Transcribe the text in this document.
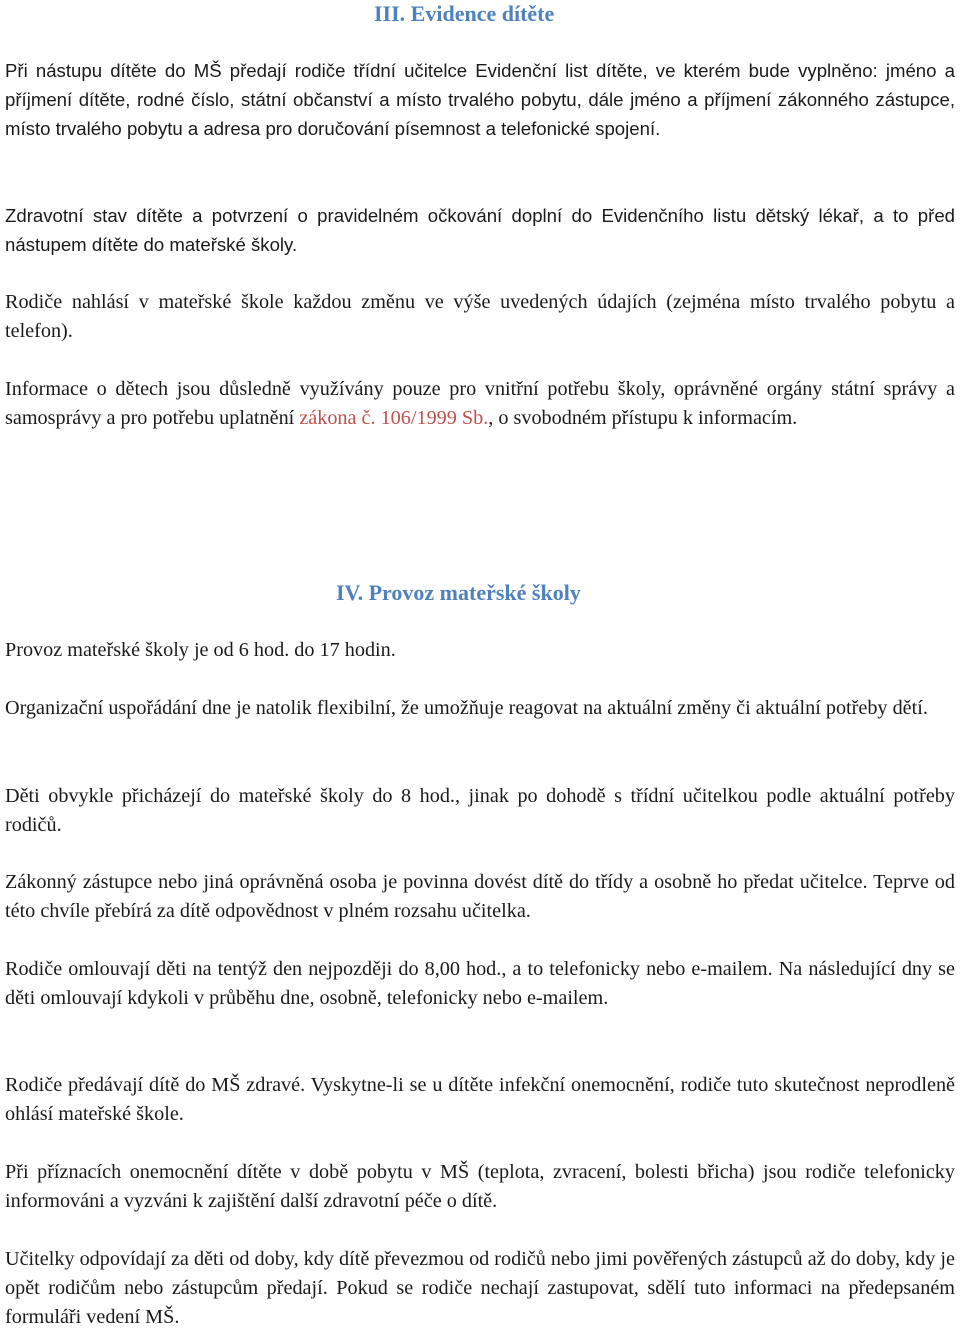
III. Evidence dítěte

Při nástupu dítěte do MŠ předají rodiče třídní učitelce Evidenční list dítěte, ve kterém bude vyplněno: jméno a příjmení dítěte, rodné číslo, státní občanství a místo trvalého pobytu, dále jméno a příjmení zákonného zástupce, místo trvalého pobytu a adresa pro doručování písemnost a telefonické spojení.

Zdravotní stav dítěte a potvrzení o pravidelném očkování doplní do Evidenčního listu dětský lékař, a to před nástupem dítěte do mateřské školy.

Rodiče nahlásí v mateřské škole každou změnu ve výše uvedených údajích (zejména místo trvalého pobytu a telefon).

Informace o dětech jsou důsledně využívány pouze pro vnitřní potřebu školy, oprávněné orgány státní správy a samosprávy a pro potřebu uplatnění zákona č. 106/1999 Sb., o svobodném přístupu k informacím.

IV. Provoz mateřské školy

Provoz mateřské školy je od 6 hod. do 17 hodin.

Organizační uspořádání dne je natolik flexibilní, že umožňuje reagovat na aktuální změny či aktuální potřeby dětí.

Děti obvykle přicházejí do mateřské školy do 8 hod., jinak po dohodě s třídní učitelkou podle aktuální potřeby rodičů.

Zákonný zástupce nebo jiná oprávněná osoba je povinna dovést dítě do třídy a osobně ho předat učitelce. Teprve od této chvíle přebírá za dítě odpovědnost v plném rozsahu učitelka.

Rodiče omlouvají děti na tentýž den nejpozději do 8,00 hod., a to telefonicky nebo e-mailem. Na následující dny se děti omlouvají kdykoli v průběhu dne, osobně, telefonicky nebo e-mailem.

Rodiče předávají dítě do MŠ zdravé. Vyskytne-li se u dítěte infekční onemocnění, rodiče tuto skutečnost neprodleně ohlásí mateřské škole.

Při příznacích onemocnění dítěte v době pobytu v MŠ (teplota, zvracení, bolesti břicha) jsou rodiče telefonicky informováni a vyzváni k zajištění další zdravotní péče o dítě.

Učitelky odpovídají za děti od doby, kdy dítě převezmou od rodičů nebo jimi pověřených zástupců až do doby, kdy je opět rodičům nebo zástupcům předají. Pokud se rodiče nechají zastupovat, sdělí tuto informaci na předepsaném formuláři vedení MŠ.
